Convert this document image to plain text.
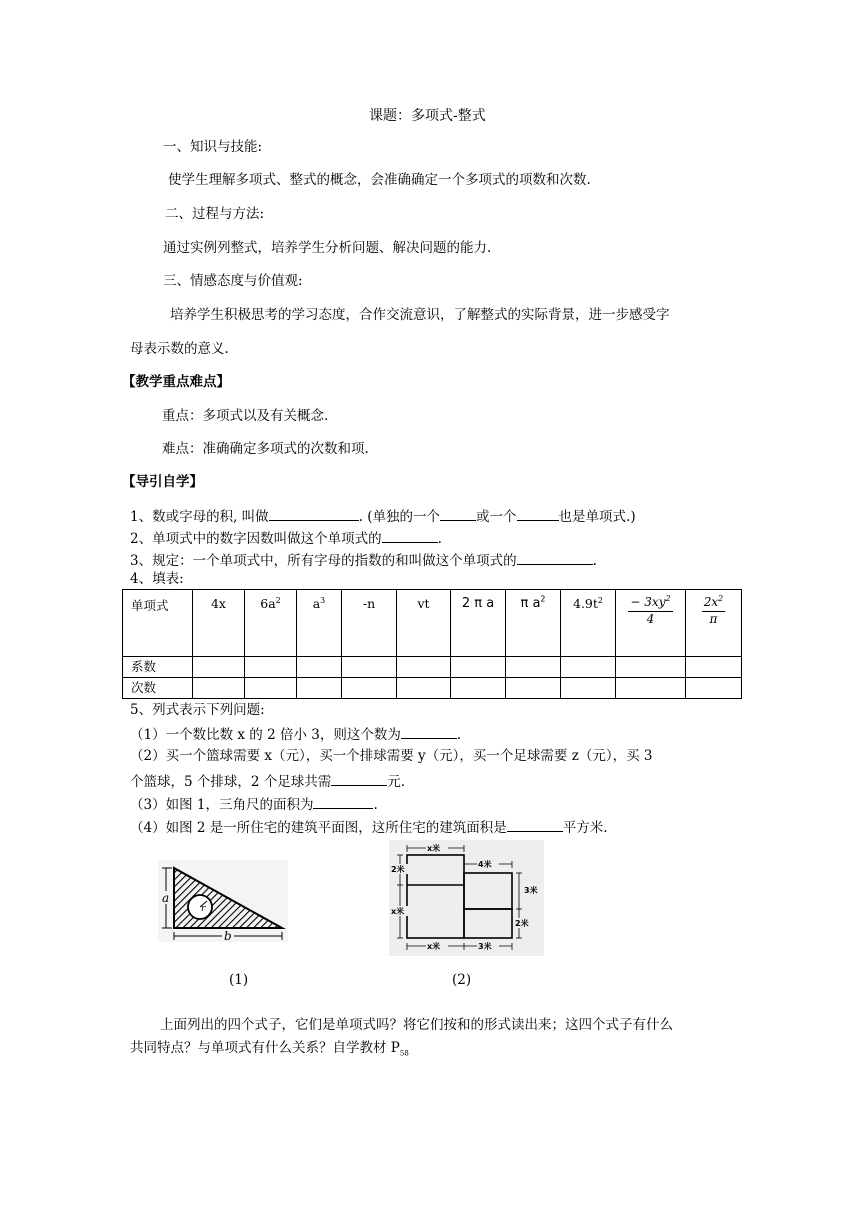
课题：多项式-整式
一、知识与技能:
使学生理解多项式、整式的概念，会准确确定一个多项式的项数和次数.
二、过程与方法:
通过实例列整式，培养学生分析问题、解决问题的能力.
三、情感态度与价值观:
培养学生积极思考的学习态度，合作交流意识，了解整式的实际背景，进一步感受字
母表示数的意义.
【教学重点难点】
重点：多项式以及有关概念.
难点：准确确定多项式的次数和项.
【导引自学】
1、数或字母的积, 叫做	. (单独的一个	或一个	也是单项式.)
2、单项式中的数字因数叫做这个单项式的	.
3、规定：一个单项式中，所有字母的指数的和叫做这个单项式的	.
4、填表:
单项式	4x	$6a^2$	$a^3$	-n	vt	2 π a	π $a^2$	$4.9t^2$	$\frac{- 3xy^2}{4}$	$\frac{2x^2}{\pi}$

系数										
次数										
5、列式表示下列问题:
（1）一个数比数 x 的 2 倍小 3，则这个数为	.
（2）买一个篮球需要 x（元），买一个排球需要 y（元），买一个足球需要 z（元），买 3
个篮球，5 个排球，2 个足球共需	元.
（3）如图 1，三角尺的面积为	.
（4）如图 2 是一所住宅的建筑平面图，这所住宅的建筑面积是	平方米.
a
b
r
x米
4米
2米
x米
3米
2米
x米	3米
(1)	(2)
上面列出的四个式子，它们是单项式吗？将它们按和的形式读出来；这四个式子有什么
共同特点？与单项式有什么关系？自学教材 $P_{58}$
